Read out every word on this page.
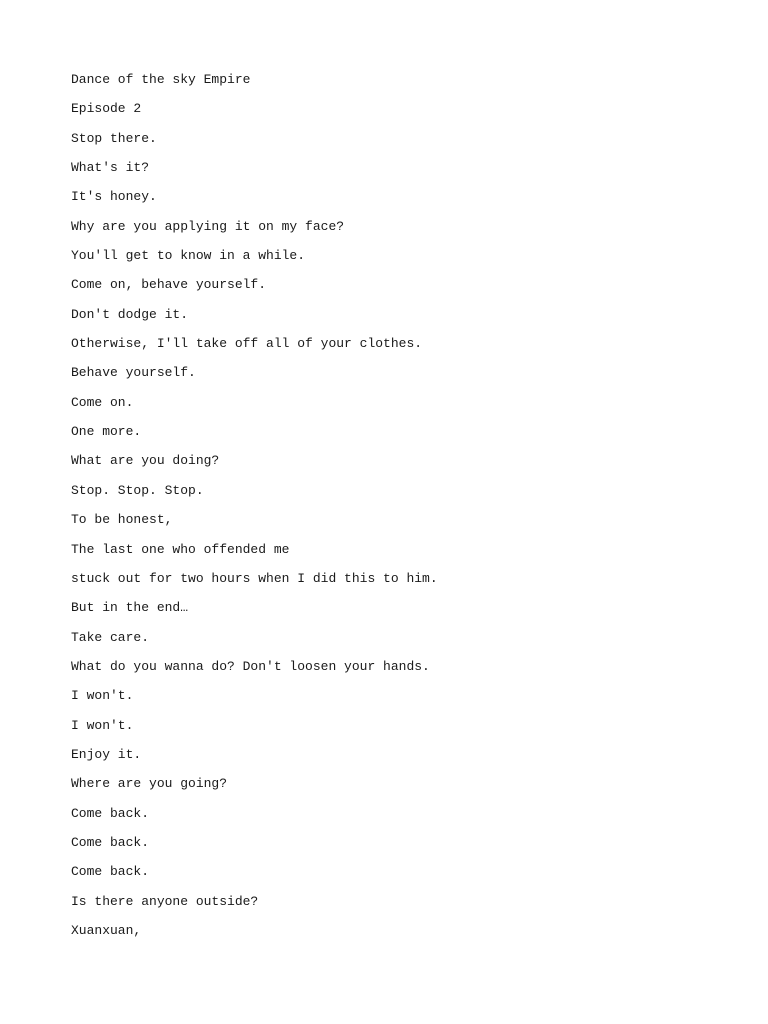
Dance of the sky Empire
Episode 2
Stop there.
What's it?
It's honey.
Why are you applying it on my face?
You'll get to know in a while.
Come on, behave yourself.
Don't dodge it.
Otherwise, I'll take off all of your clothes.
Behave yourself.
Come on.
One more.
What are you doing?
Stop. Stop. Stop.
To be honest,
The last one who offended me
stuck out for two hours when I did this to him.
But in the end…
Take care.
What do you wanna do? Don't loosen your hands.
I won't.
I won't.
Enjoy it.
Where are you going?
Come back.
Come back.
Come back.
Is there anyone outside?
Xuanxuan,
